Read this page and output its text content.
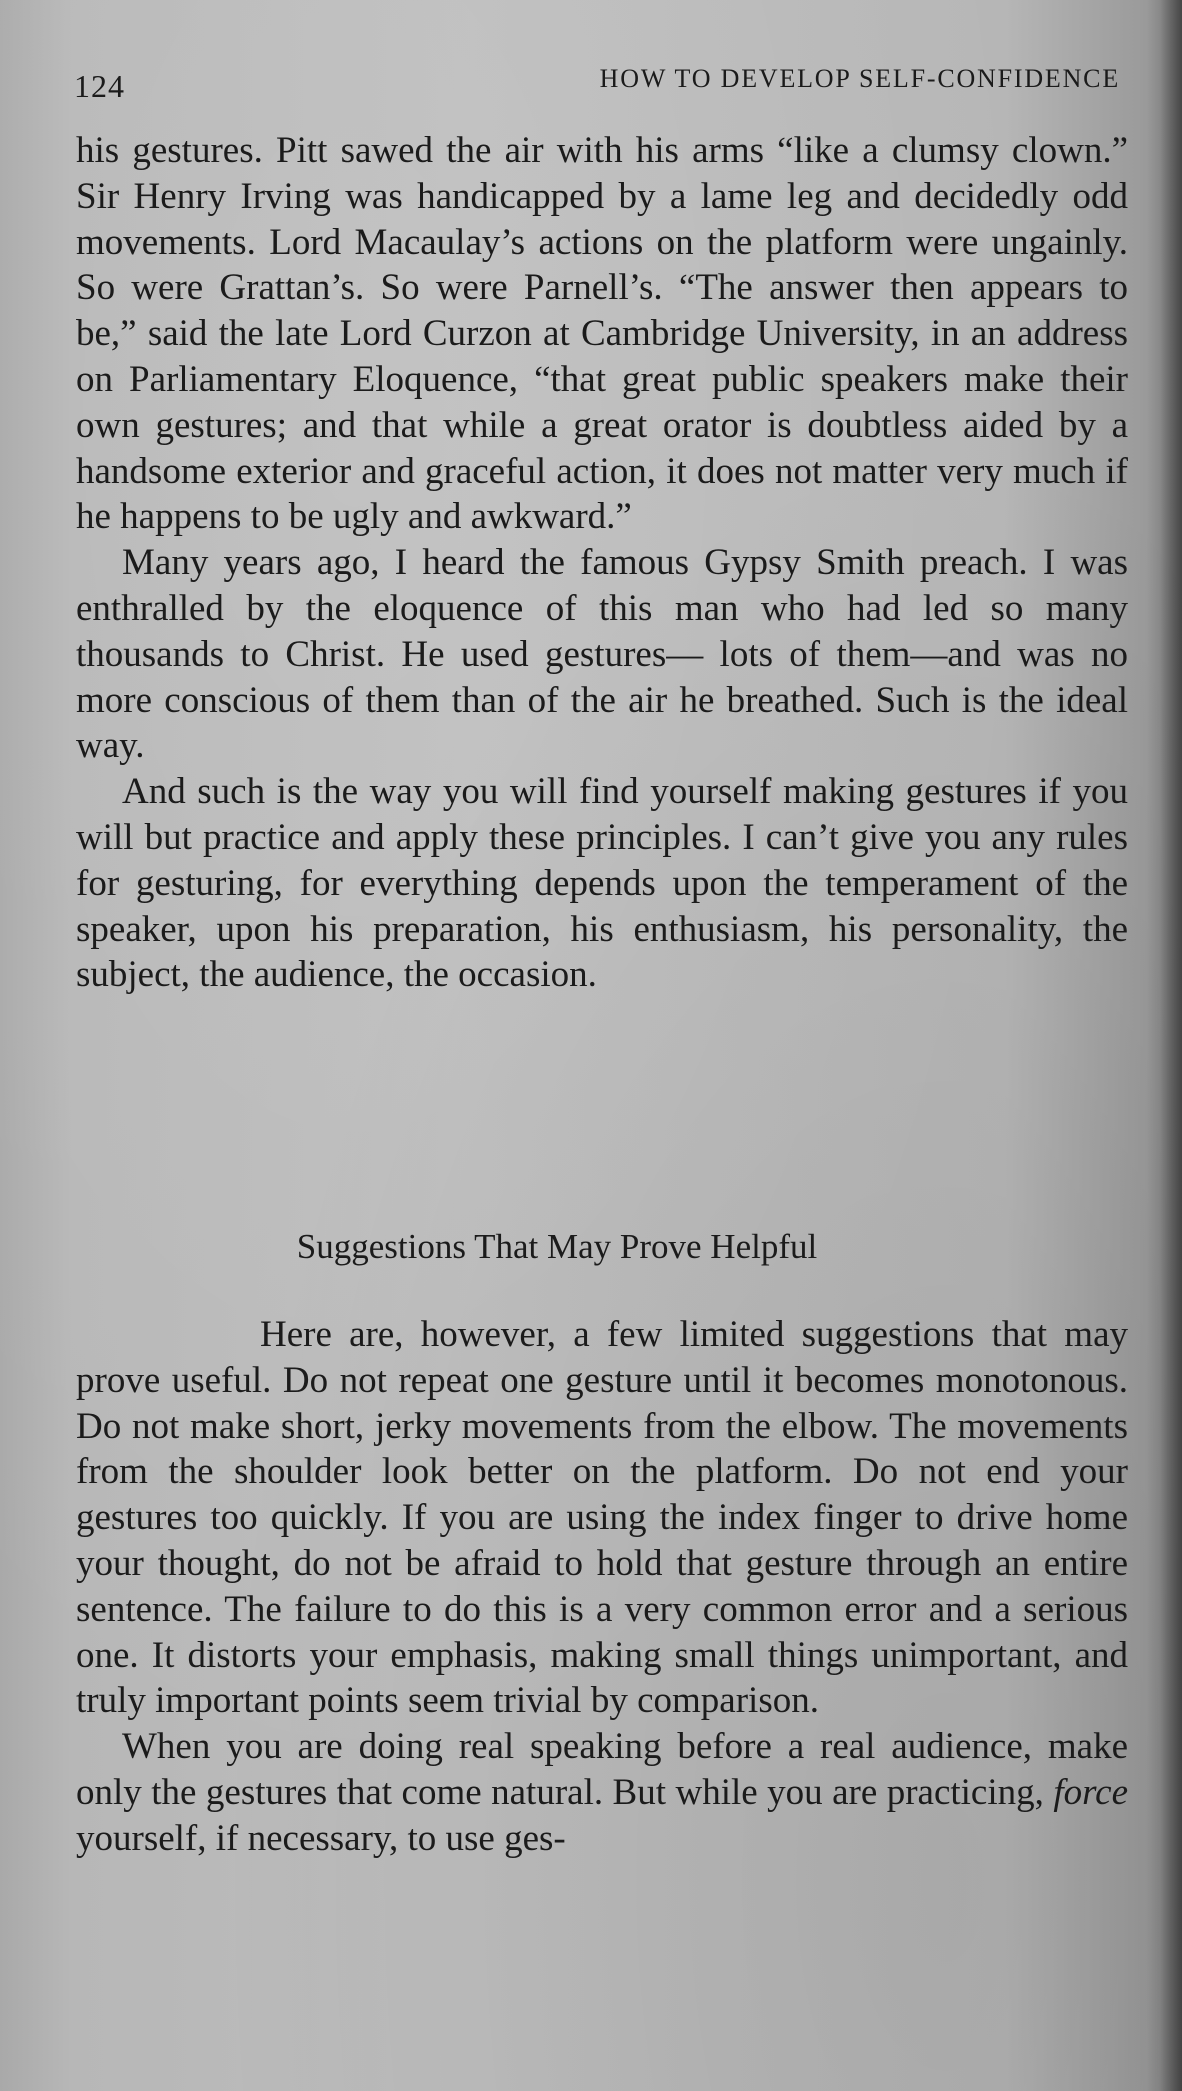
124	HOW TO DEVELOP SELF-CONFIDENCE

his gestures. Pitt sawed the air with his arms “like a clumsy clown.” Sir Henry Irving was handicapped by a lame leg and decidedly odd movements. Lord Macaulay’s actions on the platform were ungainly. So were Grattan’s. So were Parnell’s. “The answer then appears to be,” said the late Lord Curzon at Cambridge University, in an address on Parliamentary Eloquence, “that great public speakers make their own gestures; and that while a great orator is doubtless aided by a handsome exterior and graceful action, it does not matter very much if he happens to be ugly and awkward.”

Many years ago, I heard the famous Gypsy Smith preach. I was enthralled by the eloquence of this man who had led so many thousands to Christ. He used gestures— lots of them—and was no more conscious of them than of the air he breathed. Such is the ideal way.

And such is the way you will find yourself making gestures if you will but practice and apply these principles. I can’t give you any rules for gesturing, for everything depends upon the temperament of the speaker, upon his preparation, his enthusiasm, his personality, the subject, the audience, the occasion.

Suggestions That May Prove Helpful

Here are, however, a few limited suggestions that may prove useful. Do not repeat one gesture until it becomes monotonous. Do not make short, jerky movements from the elbow. The movements from the shoulder look better on the platform. Do not end your gestures too quickly. If you are using the index finger to drive home your thought, do not be afraid to hold that gesture through an entire sentence. The failure to do this is a very common error and a serious one. It distorts your emphasis, making small things unimportant, and truly important points seem trivial by comparison.

When you are doing real speaking before a real audience, make only the gestures that come natural. But while you are practicing, force yourself, if necessary, to use ges-
